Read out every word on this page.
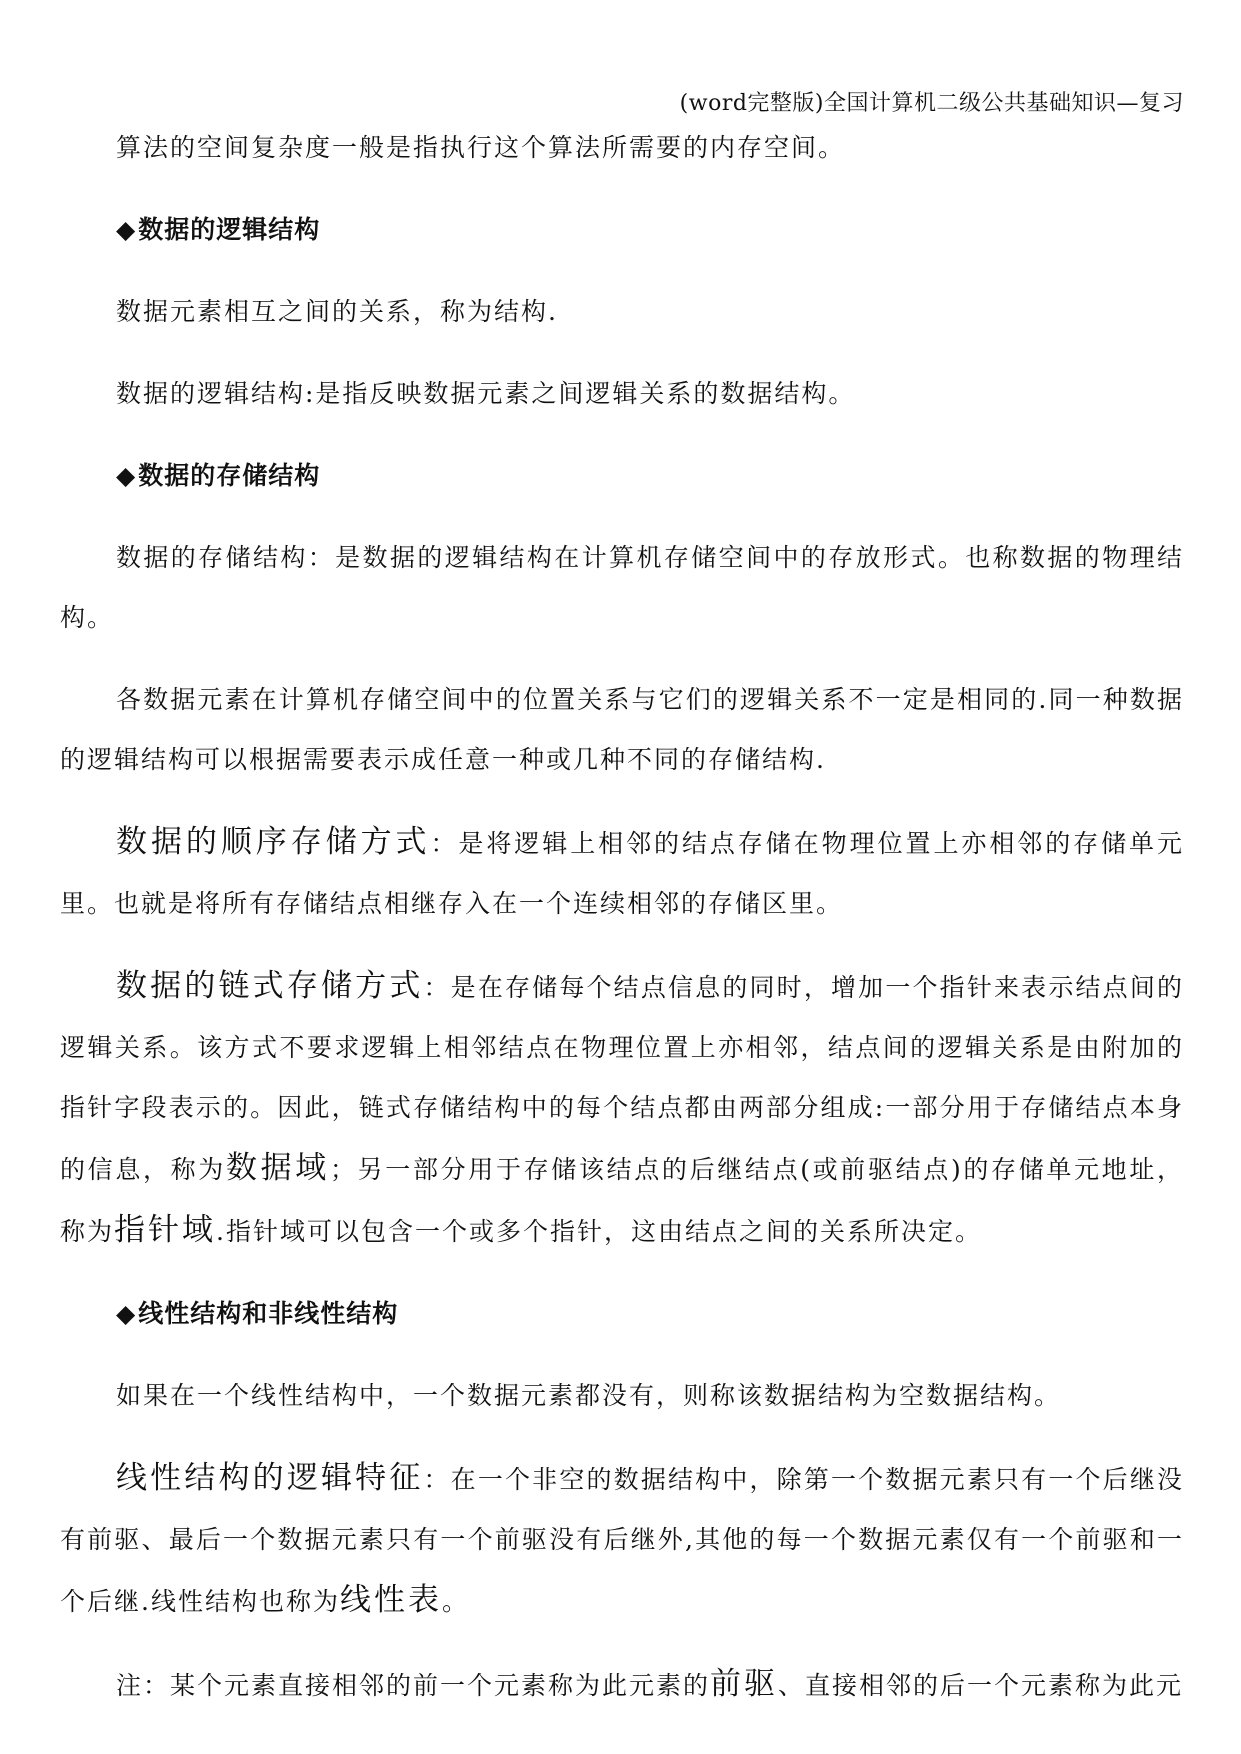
(word完整版)全国计算机二级公共基础知识—复习

算法的空间复杂度一般是指执行这个算法所需要的内存空间。

◆数据的逻辑结构

数据元素相互之间的关系，称为结构.

数据的逻辑结构:是指反映数据元素之间逻辑关系的数据结构。

◆数据的存储结构

数据的存储结构：是数据的逻辑结构在计算机存储空间中的存放形式。也称数据的物理结构。

各数据元素在计算机存储空间中的位置关系与它们的逻辑关系不一定是相同的.同一种数据的逻辑结构可以根据需要表示成任意一种或几种不同的存储结构.

数据的顺序存储方式：是将逻辑上相邻的结点存储在物理位置上亦相邻的存储单元里。也就是将所有存储结点相继存入在一个连续相邻的存储区里。

数据的链式存储方式：是在存储每个结点信息的同时，增加一个指针来表示结点间的逻辑关系。该方式不要求逻辑上相邻结点在物理位置上亦相邻，结点间的逻辑关系是由附加的指针字段表示的。因此，链式存储结构中的每个结点都由两部分组成:一部分用于存储结点本身的信息，称为数据域；另一部分用于存储该结点的后继结点(或前驱结点)的存储单元地址，称为指针域.指针域可以包含一个或多个指针，这由结点之间的关系所决定。

◆线性结构和非线性结构

如果在一个线性结构中，一个数据元素都没有，则称该数据结构为空数据结构。

线性结构的逻辑特征：在一个非空的数据结构中，除第一个数据元素只有一个后继没有前驱、最后一个数据元素只有一个前驱没有后继外,其他的每一个数据元素仅有一个前驱和一个后继.线性结构也称为线性表。

注：某个元素直接相邻的前一个元素称为此元素的前驱、直接相邻的后一个元素称为此元
